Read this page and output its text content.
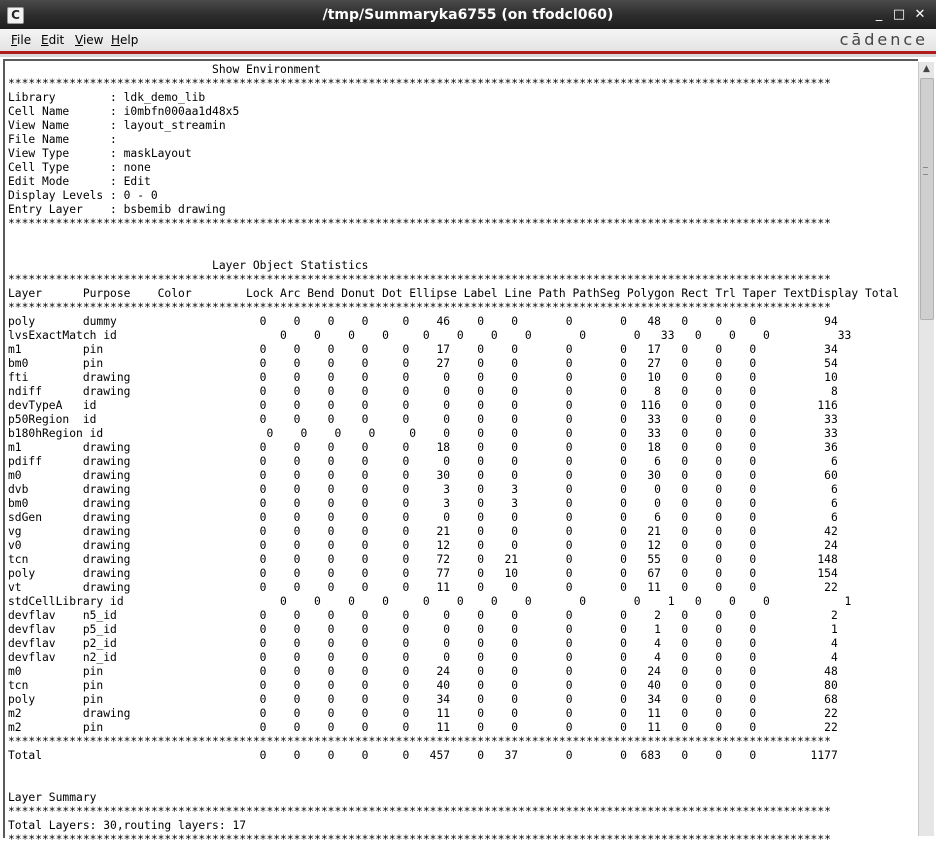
C	/tmp/Summaryka6755 (on tfodcl060)	_ □ ✕
File Edit View Help	cādence
Show Environment
*************************************************************************************************************************
Library        : ldk_demo_lib
Cell Name      : i0mbfn000aa1d48x5
View Name      : layout_streamin
File Name      :
View Type      : maskLayout
Cell Type      : none
Edit Mode      : Edit
Display Levels : 0 - 0
Entry Layer    : bsbemib drawing
*************************************************************************************************************************

Layer Object Statistics
*************************************************************************************************************************
Layer      Purpose    Color        Lock Arc Bend Donut Dot Ellipse Label Line Path PathSeg Polygon Rect Trl Taper TextDisplay Total
*************************************************************************************************************************
poly       dummy                     0    0    0    0     0    46    0    0       0       0   48   0    0    0          94
lvsExactMatch id                        0    0    0    0     0    0    0    0       0       0   33   0    0    0          33
m1         pin                       0    0    0    0     0    17    0    0       0       0   17   0    0    0          34
bm0        pin                       0    0    0    0     0    27    0    0       0       0   27   0    0    0          54
fti        drawing                   0    0    0    0     0     0    0    0       0       0   10   0    0    0          10
ndiff      drawing                   0    0    0    0     0     0    0    0       0       0    8   0    0    0           8
devTypeA   id                        0    0    0    0     0     0    0    0       0       0  116   0    0    0         116
p50Region  id                        0    0    0    0     0     0    0    0       0       0   33   0    0    0          33
b180hRegion id                        0    0    0    0     0    0    0    0       0       0   33   0    0    0          33
m1         drawing                   0    0    0    0     0    18    0    0       0       0   18   0    0    0          36
pdiff      drawing                   0    0    0    0     0     0    0    0       0       0    6   0    0    0           6
m0         drawing                   0    0    0    0     0    30    0    0       0       0   30   0    0    0          60
dvb        drawing                   0    0    0    0     0     3    0    3       0       0    0   0    0    0           6
bm0        drawing                   0    0    0    0     0     3    0    3       0       0    0   0    0    0           6
sdGen      drawing                   0    0    0    0     0     0    0    0       0       0    6   0    0    0           6
vg         drawing                   0    0    0    0     0    21    0    0       0       0   21   0    0    0          42
v0         drawing                   0    0    0    0     0    12    0    0       0       0   12   0    0    0          24
tcn        drawing                   0    0    0    0     0    72    0   21       0       0   55   0    0    0         148
poly       drawing                   0    0    0    0     0    77    0   10       0       0   67   0    0    0         154
vt         drawing                   0    0    0    0     0    11    0    0       0       0   11   0    0    0          22
stdCellLibrary id                       0    0    0    0     0    0    0    0       0       0    1   0    0    0           1
devflav    n5_id                     0    0    0    0     0     0    0    0       0       0    2   0    0    0           2
devflav    p5_id                     0    0    0    0     0     0    0    0       0       0    1   0    0    0           1
devflav    p2_id                     0    0    0    0     0     0    0    0       0       0    4   0    0    0           4
devflav    n2_id                     0    0    0    0     0     0    0    0       0       0    4   0    0    0           4
m0         pin                       0    0    0    0     0    24    0    0       0       0   24   0    0    0          48
tcn        pin                       0    0    0    0     0    40    0    0       0       0   40   0    0    0          80
poly       pin                       0    0    0    0     0    34    0    0       0       0   34   0    0    0          68
m2         drawing                   0    0    0    0     0    11    0    0       0       0   11   0    0    0          22
m2         pin                       0    0    0    0     0    11    0    0       0       0   11   0    0    0          22
*************************************************************************************************************************
Total                                0    0    0    0     0   457    0   37       0       0  683   0    0    0        1177

Layer Summary
*************************************************************************************************************************
Total Layers: 30,routing layers: 17
*************************************************************************************************************************
▲
